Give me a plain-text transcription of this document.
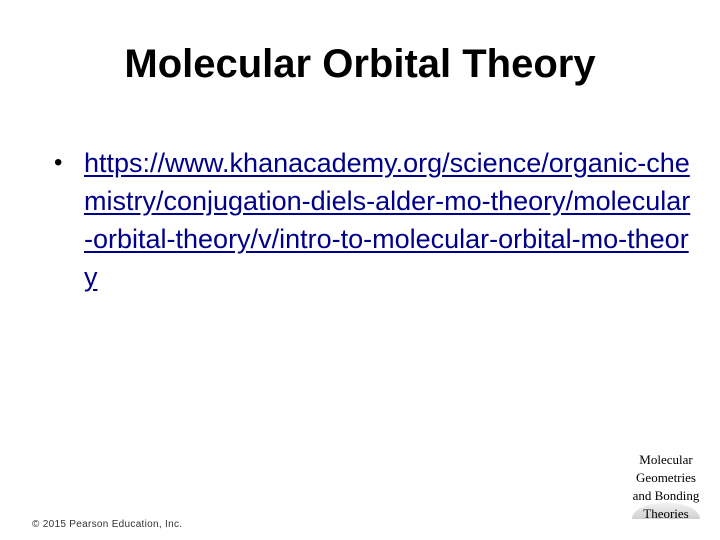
Molecular Orbital Theory
• https://www.khanacademy.org/science/organic-chemistry/conjugation-diels-alder-mo-theory/molecular-orbital-theory/v/intro-to-molecular-orbital-mo-theory
Molecular
Geometries
and Bonding
Theories
© 2015 Pearson Education, Inc.
